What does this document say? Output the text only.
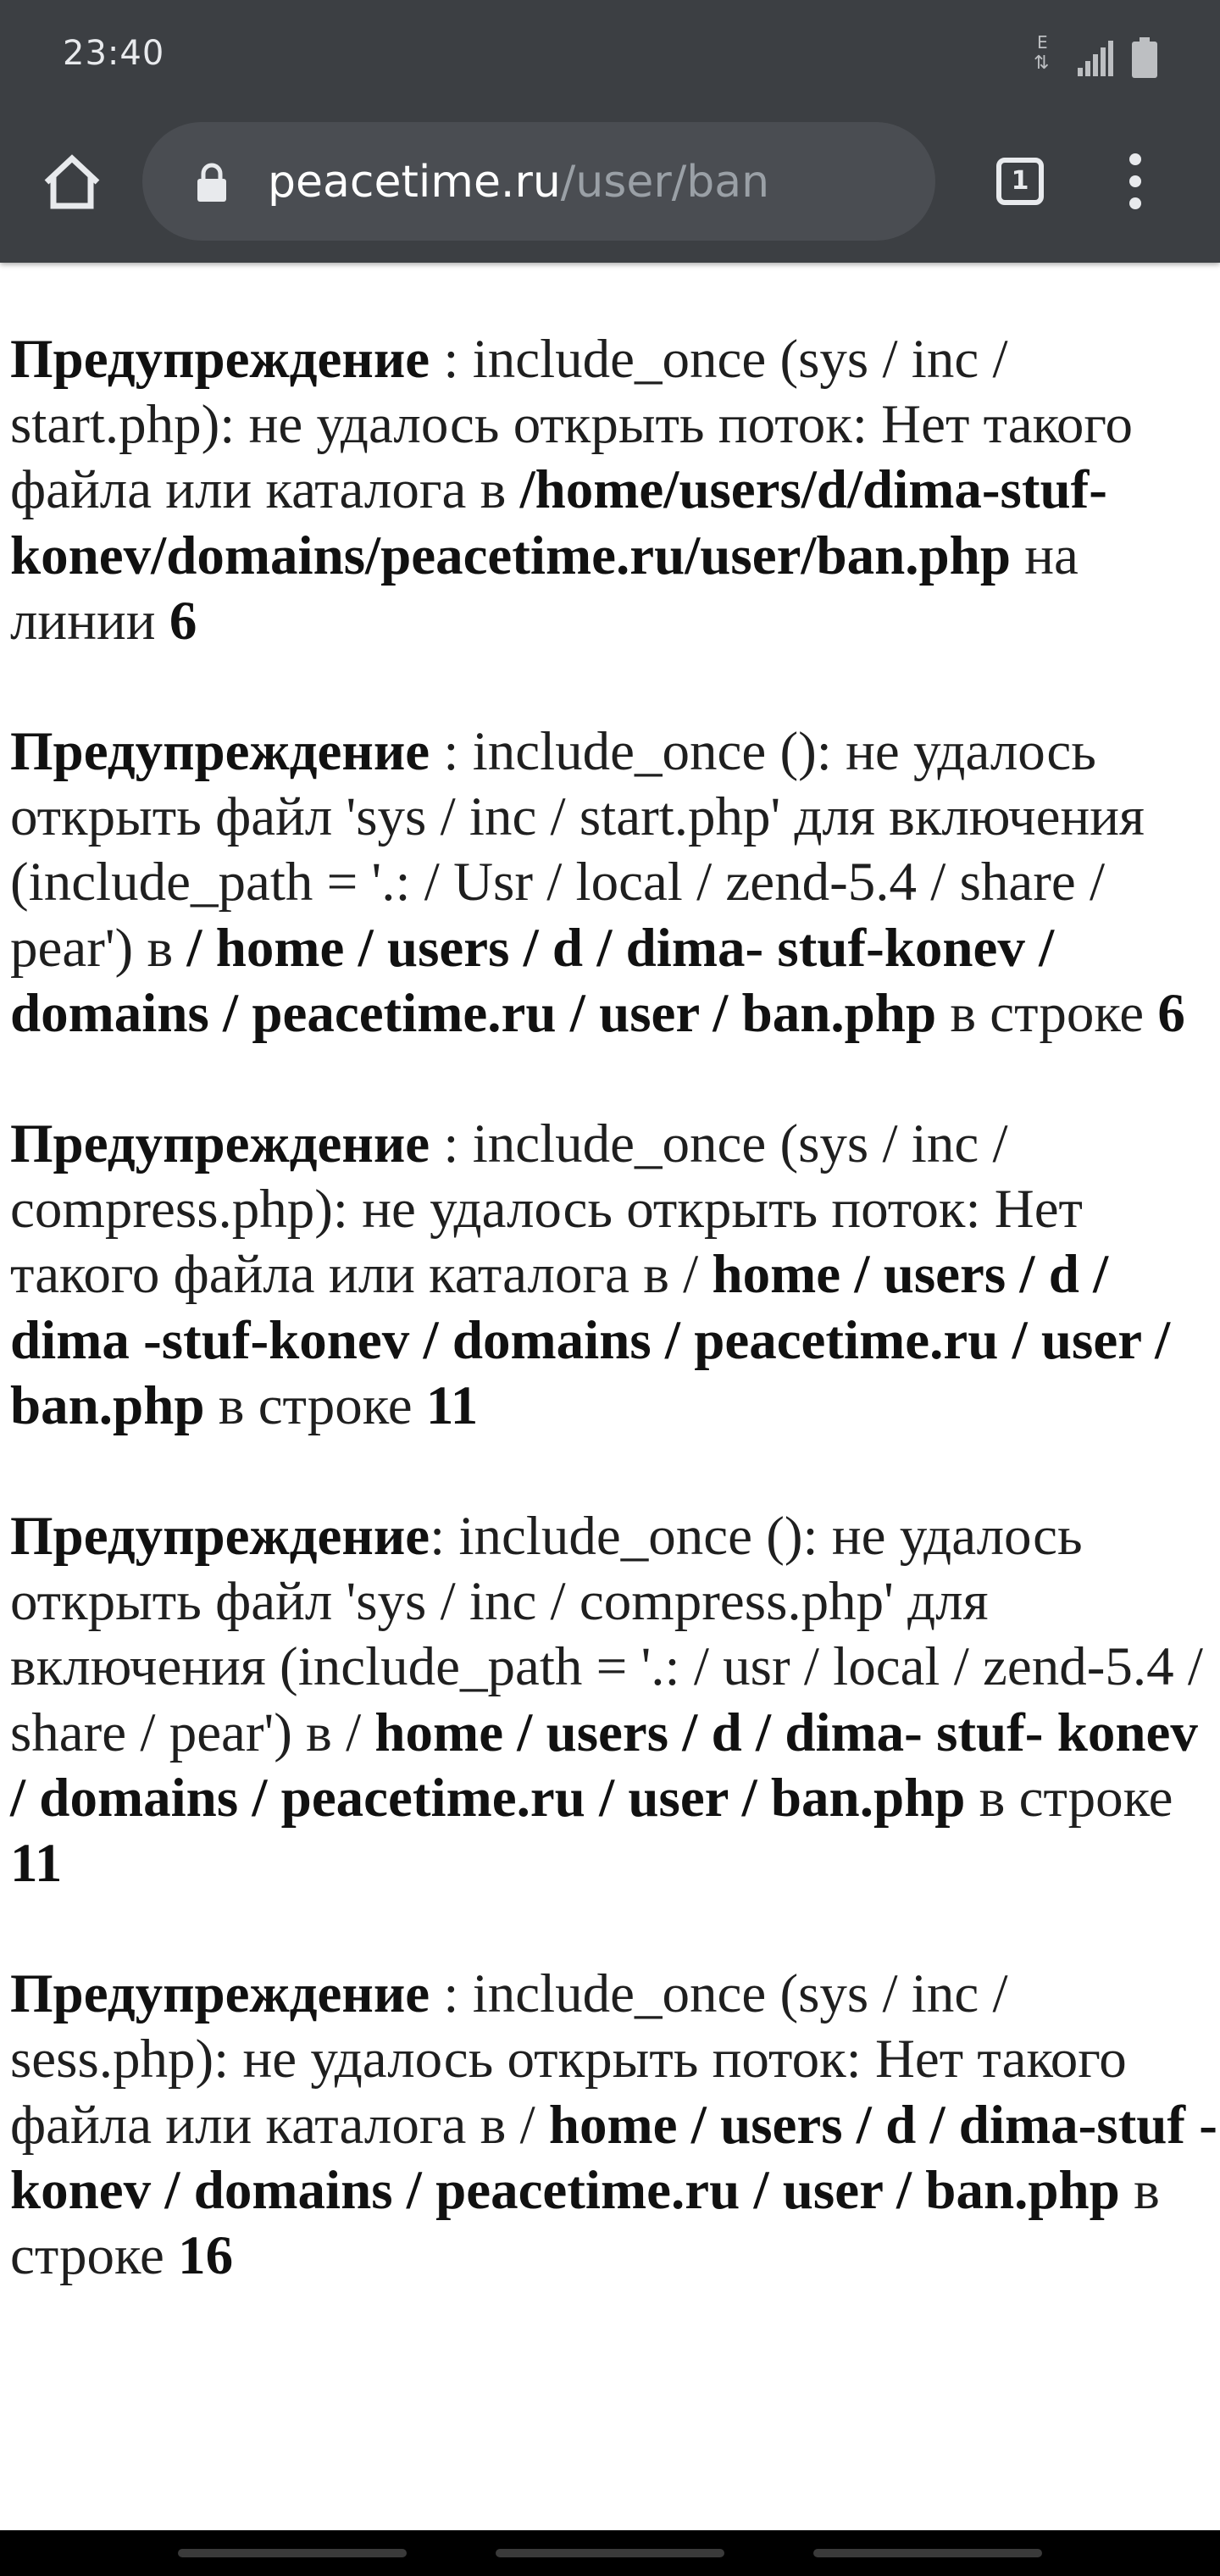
23:40	E
⇅
peacetime.ru/user/ban	1

Предупреждение : include_once (sys / inc / start.php): не удалось открыть поток: Нет такого файла или каталога в /home/users/d/dima-stuf-konev/domains/peacetime.ru/user/ban.php на линии 6

Предупреждение : include_once (): не удалось открыть файл 'sys / inc / start.php' для включения (include_path = '.: / Usr / local / zend-5.4 / share / pear') в / home / users / d / dima- stuf-konev / domains / peacetime.ru / user / ban.php в строке 6

Предупреждение : include_once (sys / inc / compress.php): не удалось открыть поток: Нет такого файла или каталога в / home / users / d / dima -stuf-konev / domains / peacetime.ru / user / ban.php в строке 11

Предупреждение: include_once (): не удалось открыть файл 'sys / inc / compress.php' для включения (include_path = '.: / usr / local / zend-5.4 / share / pear') в / home / users / d / dima- stuf- konev / domains / peacetime.ru / user / ban.php в строке 11

Предупреждение : include_once (sys / inc / sess.php): не удалось открыть поток: Нет такого файла или каталога в / home / users / d / dima-stuf -konev / domains / peacetime.ru / user / ban.php в строке 16
